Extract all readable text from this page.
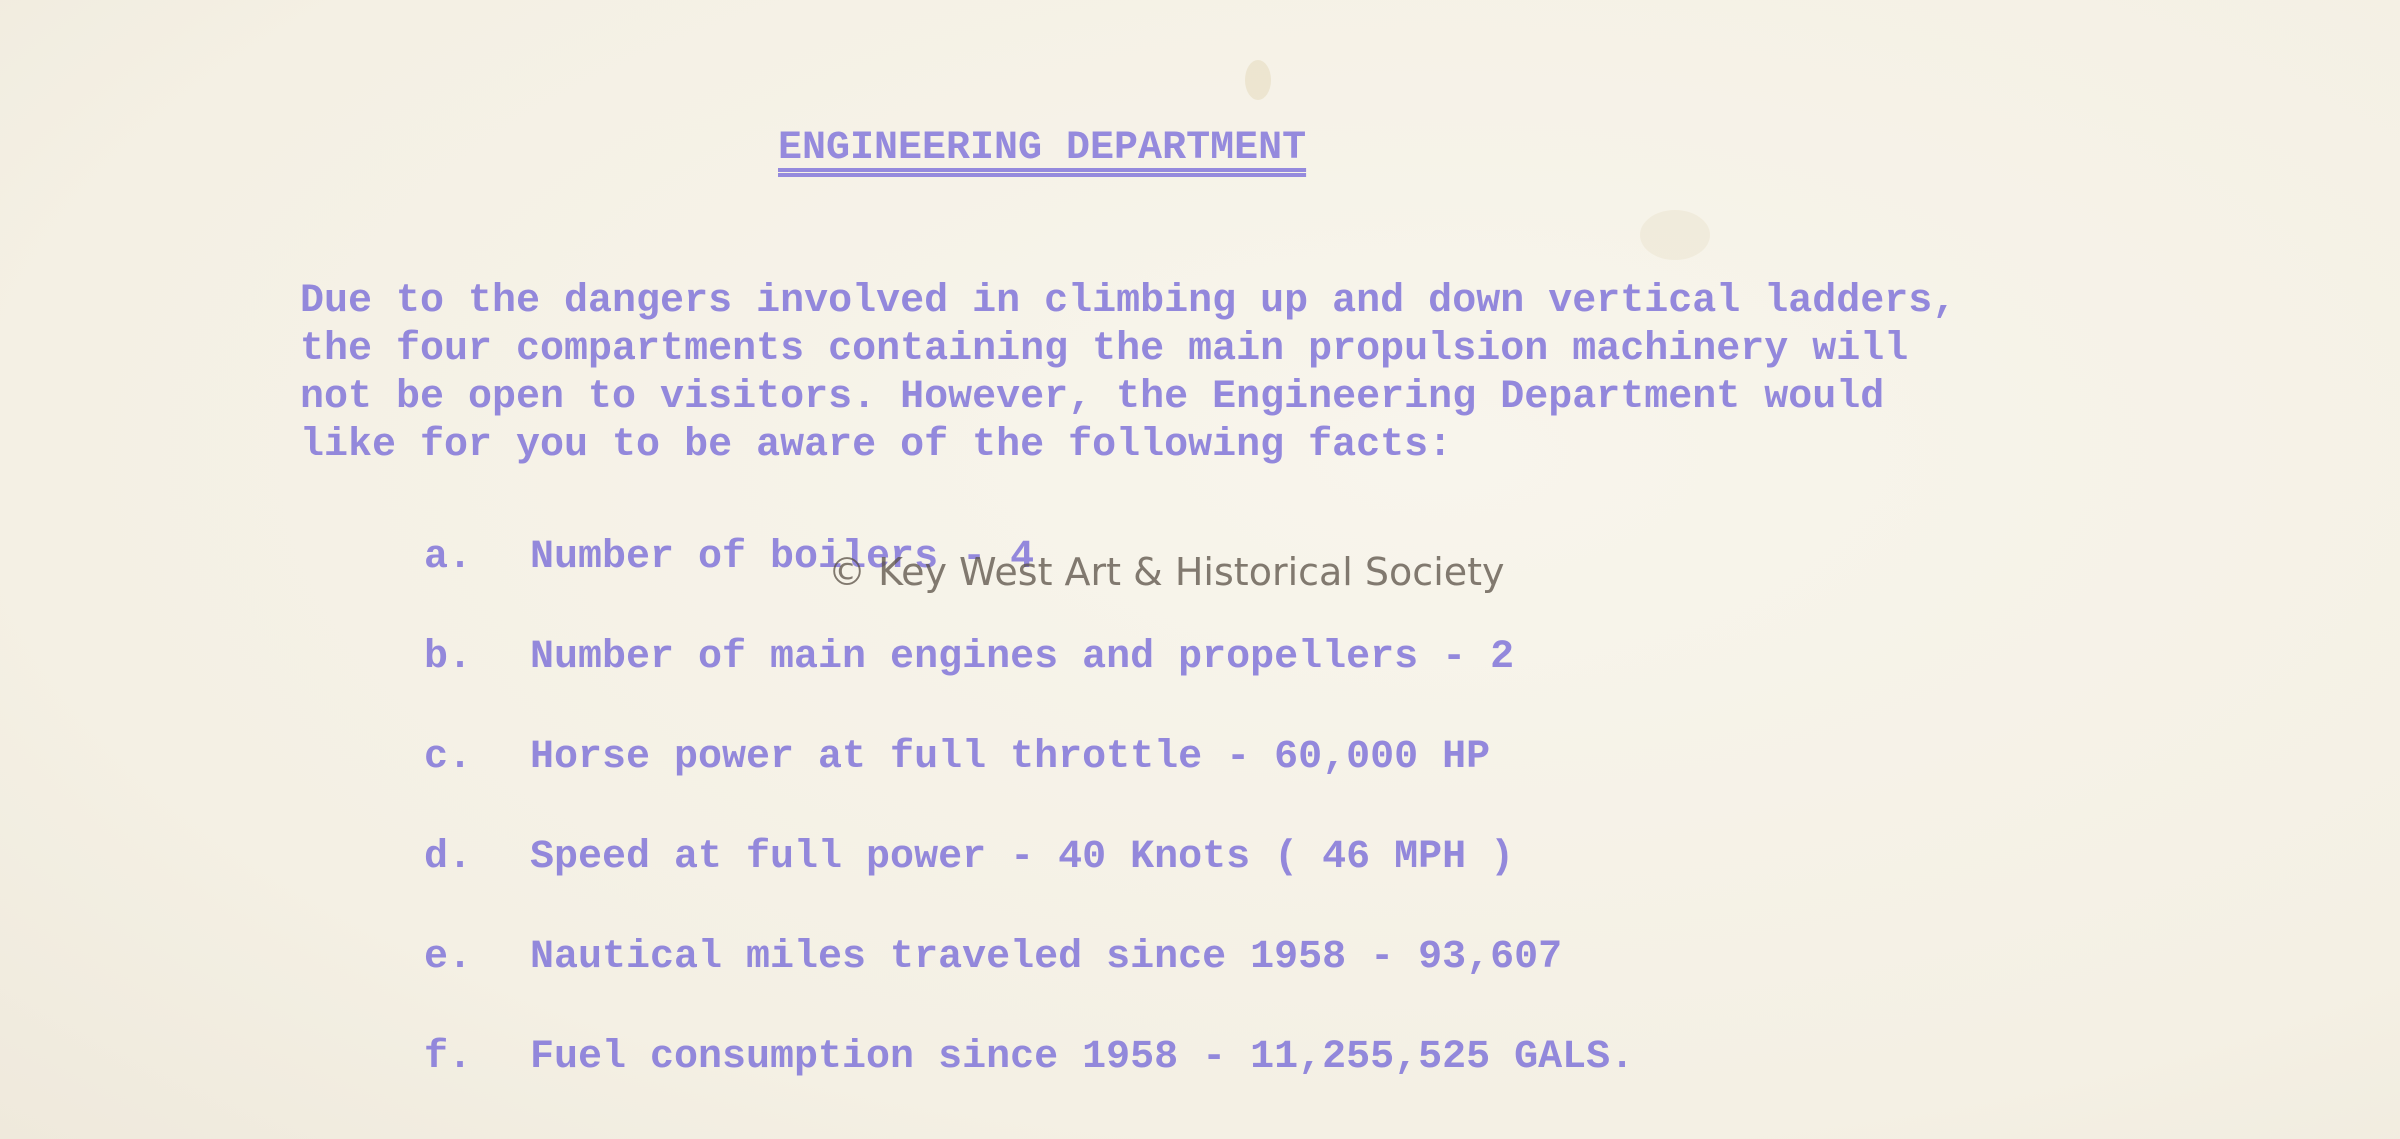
ENGINEERING DEPARTMENT
Due to the dangers involved in climbing up and down vertical ladders,
the four compartments containing the main propulsion machinery will
not be open to visitors. However, the Engineering Department would
like for you to be aware of the following facts:
a.	Number of boilers - 4
b.	Number of main engines and propellers - 2
c.	Horse power at full throttle - 60,000 HP
d.	Speed at full power - 40 Knots ( 46 MPH )
e.	Nautical miles traveled since 1958 - 93,607
f.	Fuel consumption since 1958 - 11,255,525 GALS.
© Key West Art & Historical Society
